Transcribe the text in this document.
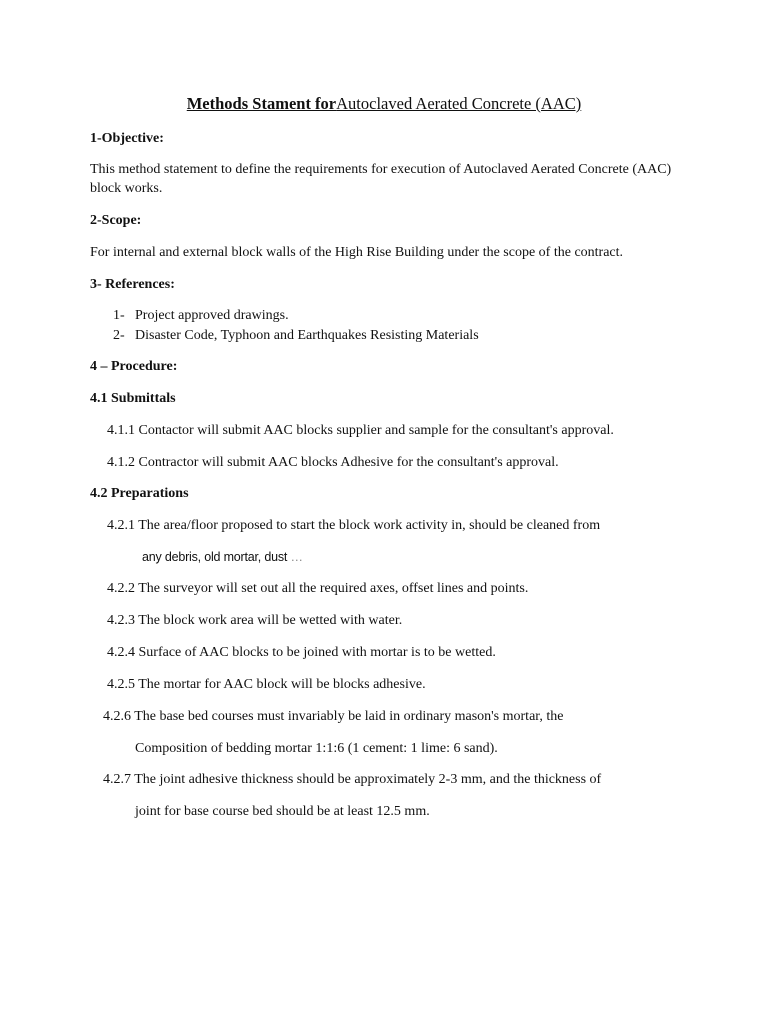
Methods Stament forAutoclaved Aerated Concrete (AAC)
1-Objective:
This method statement to define the requirements for execution of Autoclaved Aerated Concrete (AAC)
block works.
2-Scope:
For internal and external block walls of the High Rise Building under the scope of the contract.
3- References:
1- Project approved drawings.
2- Disaster Code, Typhoon and Earthquakes Resisting Materials
4 – Procedure:
4.1 Submittals
4.1.1 Contactor will submit AAC blocks supplier and sample for the consultant's approval.
4.1.2 Contractor will submit AAC blocks Adhesive for the consultant's approval.
4.2 Preparations
4.2.1 The area/floor proposed to start the block work activity in, should be cleaned from
any debris, old mortar, dust …
4.2.2 The surveyor will set out all the required axes, offset lines and points.
4.2.3 The block work area will be wetted with water.
4.2.4 Surface of AAC blocks to be joined with mortar is to be wetted.
4.2.5 The mortar for AAC block will be blocks adhesive.
4.2.6 The base bed courses must invariably be laid in ordinary mason's mortar, the
Composition of bedding mortar 1:1:6 (1 cement: 1 lime: 6 sand).
4.2.7 The joint adhesive thickness should be approximately 2-3 mm, and the thickness of
joint for base course bed should be at least 12.5 mm.
